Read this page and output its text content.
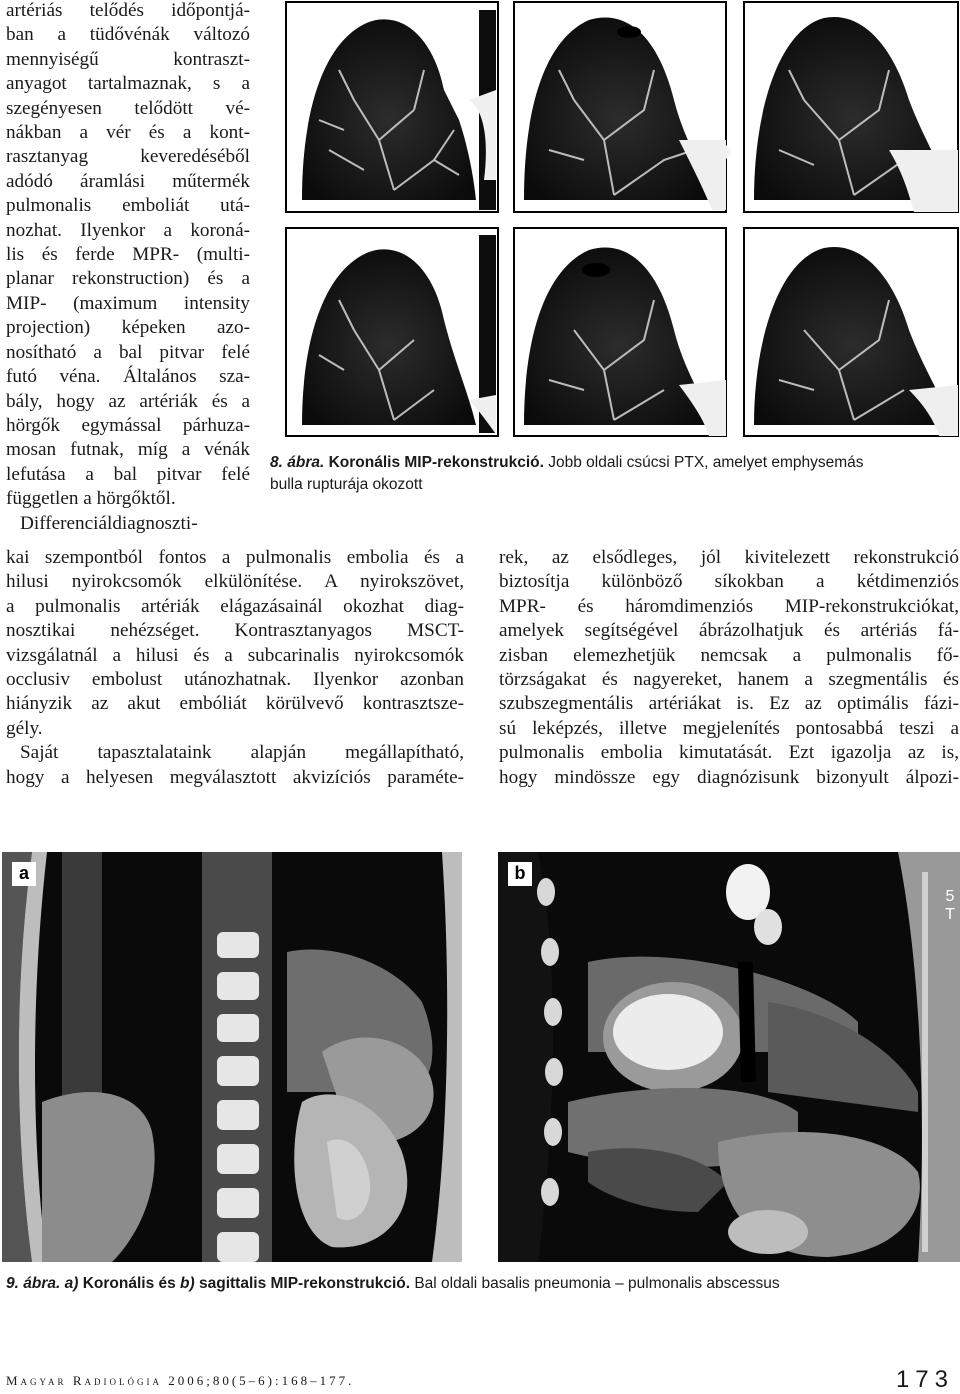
artériás telődés időpontjá-

ban a tüdővénák változó

mennyiségű kontraszt-

anyagot tartalmaznak, s a

szegényesen telődött vé-

nákban a vér és a kont-

rasztanyag keveredéséből

adódó áramlási műtermék

pulmonalis emboliát utá-

nozhat. Ilyenkor a koroná-

lis és ferde MPR- (multi-

planar rekonstruction) és a

MIP- (maximum intensity

projection) képeken azo-

nosítható a bal pitvar felé

futó véna. Általános sza-

bály, hogy az artériák és a

hörgők egymással párhuza-

mosan futnak, míg a vénák

lefutása a bal pitvar felé

független a hörgőktől.

Differenciáldiagnoszti-

8. ábra. Koronális MIP-rekonstrukció. Jobb oldali csúcsi PTX, amelyet emphysemás
bulla rupturája okozott

kai szempontból fontos a pulmonalis embolia és a

hilusi nyirokcsomók elkülönítése. A nyirokszövet,

a pulmonalis artériák elágazásainál okozhat diag-

nosztikai nehézséget. Kontrasztanyagos MSCT-

vizsgálatnál a hilusi és a subcarinalis nyirokcsomók

occlusiv embolust utánozhatnak. Ilyenkor azonban

hiányzik az akut embóliát körülvevő kontrasztsze-

gély.

Saját tapasztalataink alapján megállapítható,

hogy a helyesen megválasztott akvizíciós paraméte-

rek, az elsődleges, jól kivitelezett rekonstrukció

biztosítja különböző síkokban a kétdimenziós

MPR- és háromdimenziós MIP-rekonstrukciókat,

amelyek segítségével ábrázolhatjuk és artériás fá-

zisban elemezhetjük nemcsak a pulmonalis fő-

törzságakat és nagyereket, hanem a szegmentális és

szubszegmentális artériákat is. Ez az optimális fázi-

sú leképzés, illetve megjelenítés pontosabbá teszi a

pulmonalis embolia kimutatását. Ezt igazolja az is,

hogy mindössze egy diagnózisunk bizonyult álpozi-

a	b
5 T
9. ábra. a) Koronális és b) sagittalis MIP-rekonstrukció. Bal oldali basalis pneumonia – pulmonalis abscessus
Magyar Radiológia 2006;80(5–6):168–177.	173
